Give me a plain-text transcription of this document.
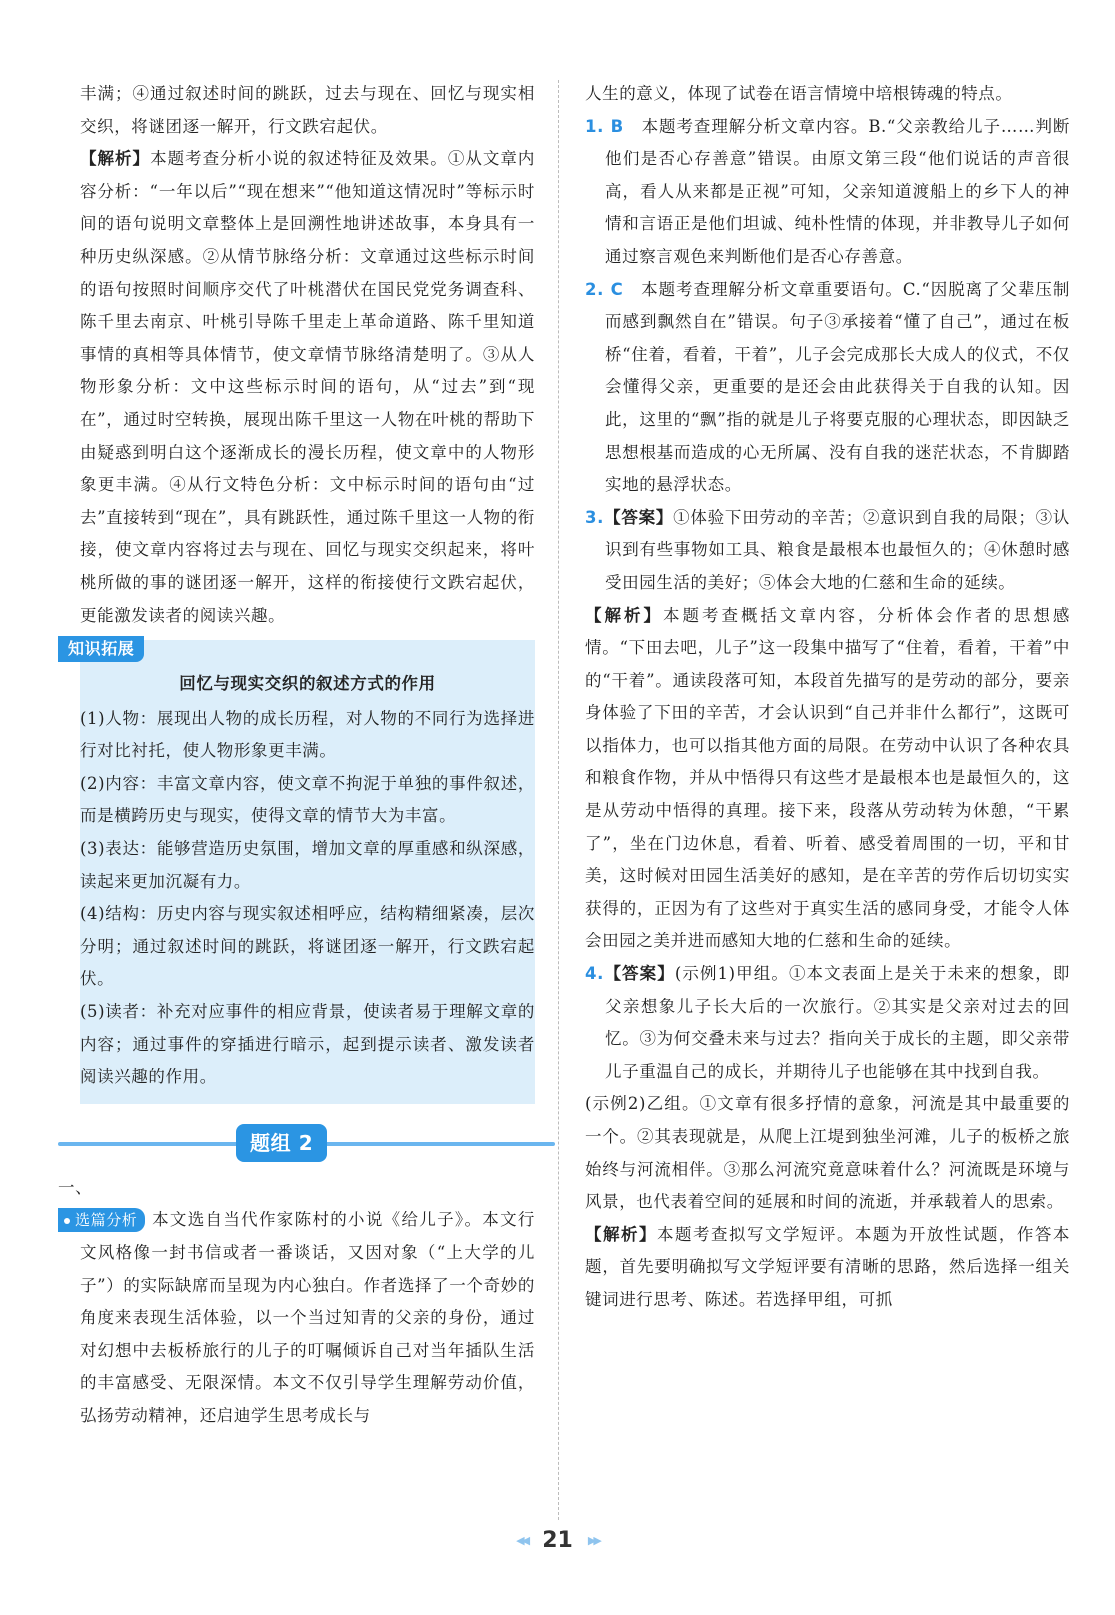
丰满；④通过叙述时间的跳跃，过去与现在、回忆与现实相交织，将谜团逐一解开，行文跌宕起伏。

【解析】本题考查分析小说的叙述特征及效果。①从文章内容分析：“一年以后”“现在想来”“他知道这情况时”等标示时间的语句说明文章整体上是回溯性地讲述故事，本身具有一种历史纵深感。②从情节脉络分析：文章通过这些标示时间的语句按照时间顺序交代了叶桃潜伏在国民党党务调查科、陈千里去南京、叶桃引导陈千里走上革命道路、陈千里知道事情的真相等具体情节，使文章情节脉络清楚明了。③从人物形象分析：文中这些标示时间的语句，从“过去”到“现在”，通过时空转换，展现出陈千里这一人物在叶桃的帮助下由疑惑到明白这个逐渐成长的漫长历程，使文章中的人物形象更丰满。④从行文特色分析：文中标示时间的语句由“过去”直接转到“现在”，具有跳跃性，通过陈千里这一人物的衔接，使文章内容将过去与现在、回忆与现实交织起来，将叶桃所做的事的谜团逐一解开，这样的衔接使行文跌宕起伏，更能激发读者的阅读兴趣。

知识拓展
回忆与现实交织的叙述方式的作用

(1)人物：展现出人物的成长历程，对人物的不同行为选择进行对比衬托，使人物形象更丰满。

(2)内容：丰富文章内容，使文章不拘泥于单独的事件叙述，而是横跨历史与现实，使得文章的情节大为丰富。

(3)表达：能够营造历史氛围，增加文章的厚重感和纵深感，读起来更加沉凝有力。

(4)结构：历史内容与现实叙述相呼应，结构精细紧凑，层次分明；通过叙述时间的跳跃，将谜团逐一解开，行文跌宕起伏。

(5)读者：补充对应事件的相应背景，使读者易于理解文章的内容；通过事件的穿插进行暗示，起到提示读者、激发读者阅读兴趣的作用。

题组 2

一、

选篇分析 本文选自当代作家陈村的小说《给儿子》。本文行文风格像一封书信或者一番谈话，又因对象（“上大学的儿子”）的实际缺席而呈现为内心独白。作者选择了一个奇妙的角度来表现生活体验，以一个当过知青的父亲的身份，通过对幻想中去板桥旅行的儿子的叮嘱倾诉自己对当年插队生活的丰富感受、无限深情。本文不仅引导学生理解劳动价值，弘扬劳动精神，还启迪学生思考成长与

人生的意义，体现了试卷在语言情境中培根铸魂的特点。

1. B　 本题考查理解分析文章内容。B.“父亲教给儿子……判断他们是否心存善意”错误。由原文第三段“他们说话的声音很高，看人从来都是正视”可知，父亲知道渡船上的乡下人的神情和言语正是他们坦诚、纯朴性情的体现，并非教导儿子如何通过察言观色来判断他们是否心存善意。

2. C　 本题考查理解分析文章重要语句。C.“因脱离了父辈压制而感到飘然自在”错误。句子③承接着“懂了自己”，通过在板桥“住着，看着，干着”，儿子会完成那长大成人的仪式，不仅会懂得父亲，更重要的是还会由此获得关于自我的认知。因此，这里的“飘”指的就是儿子将要克服的心理状态，即因缺乏思想根基而造成的心无所属、没有自我的迷茫状态，不肯脚踏实地的悬浮状态。

3.【答案】①体验下田劳动的辛苦；②意识到自我的局限；③认识到有些事物如工具、粮食是最根本也最恒久的；④休憩时感受田园生活的美好；⑤体会大地的仁慈和生命的延续。

【解析】本题考查概括文章内容，分析体会作者的思想感情。“下田去吧，儿子”这一段集中描写了“住着，看着，干着”中的“干着”。通读段落可知，本段首先描写的是劳动的部分，要亲身体验了下田的辛苦，才会认识到“自己并非什么都行”，这既可以指体力，也可以指其他方面的局限。在劳动中认识了各种农具和粮食作物，并从中悟得只有这些才是最根本也是最恒久的，这是从劳动中悟得的真理。接下来，段落从劳动转为休憩，“干累了”，坐在门边休息，看着、听着、感受着周围的一切，平和甘美，这时候对田园生活美好的感知，是在辛苦的劳作后切切实实获得的，正因为有了这些对于真实生活的感同身受，才能令人体会田园之美并进而感知大地的仁慈和生命的延续。

4.【答案】(示例1)甲组。①本文表面上是关于未来的想象，即父亲想象儿子长大后的一次旅行。②其实是父亲对过去的回忆。③为何交叠未来与过去？指向关于成长的主题，即父亲带儿子重温自己的成长，并期待儿子也能够在其中找到自我。

(示例2)乙组。①文章有很多抒情的意象，河流是其中最重要的一个。②其表现就是，从爬上江堤到独坐河滩，儿子的板桥之旅始终与河流相伴。③那么河流究竟意味着什么？河流既是环境与风景，也代表着空间的延展和时间的流逝，并承载着人的思索。

【解析】本题考查拟写文学短评。本题为开放性试题，作答本题，首先要明确拟写文学短评要有清晰的思路，然后选择一组关键词进行思考、陈述。若选择甲组，可抓

◀◀ 21 ▶▶
